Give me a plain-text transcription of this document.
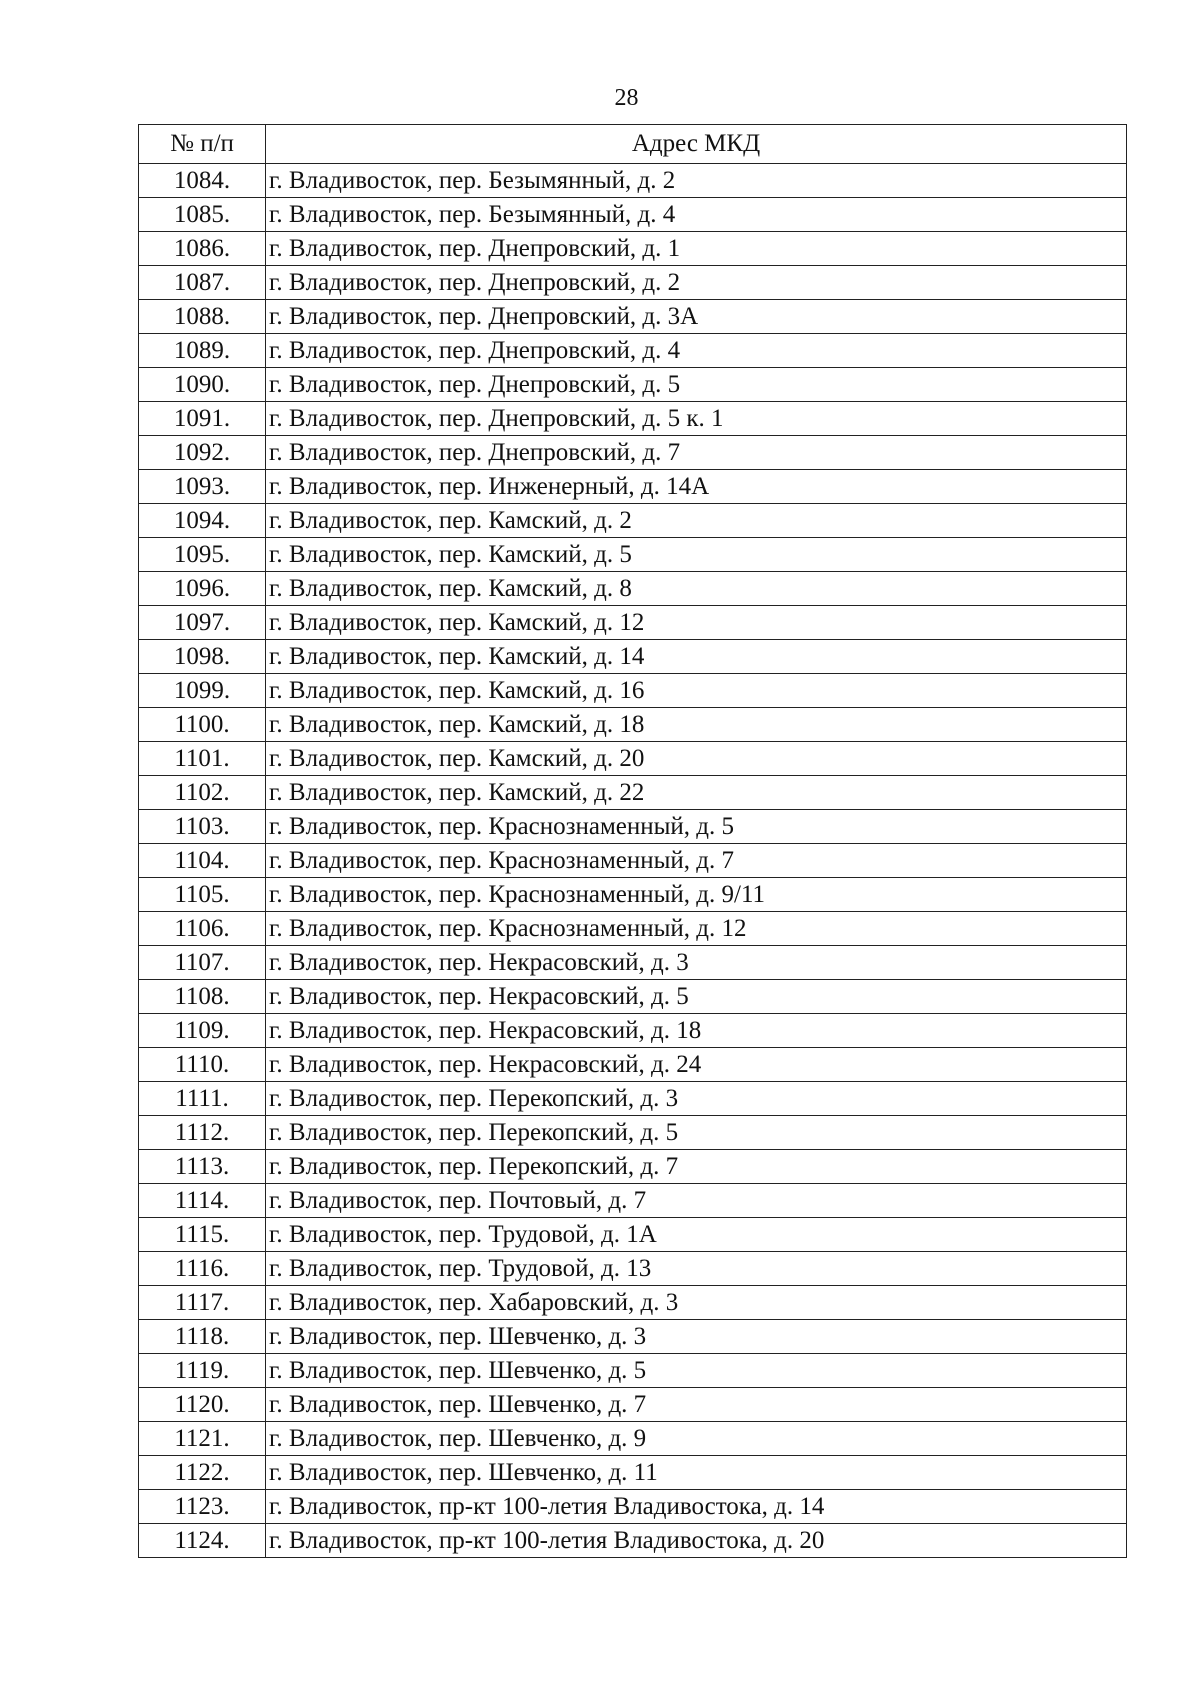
28
№ п/п	Адрес МКД
1084.	г. Владивосток, пер. Безымянный, д. 2
1085.	г. Владивосток, пер. Безымянный, д. 4
1086.	г. Владивосток, пер. Днепровский, д. 1
1087.	г. Владивосток, пер. Днепровский, д. 2
1088.	г. Владивосток, пер. Днепровский, д. 3А
1089.	г. Владивосток, пер. Днепровский, д. 4
1090.	г. Владивосток, пер. Днепровский, д. 5
1091.	г. Владивосток, пер. Днепровский, д. 5 к. 1
1092.	г. Владивосток, пер. Днепровский, д. 7
1093.	г. Владивосток, пер. Инженерный, д. 14А
1094.	г. Владивосток, пер. Камский, д. 2
1095.	г. Владивосток, пер. Камский, д. 5
1096.	г. Владивосток, пер. Камский, д. 8
1097.	г. Владивосток, пер. Камский, д. 12
1098.	г. Владивосток, пер. Камский, д. 14
1099.	г. Владивосток, пер. Камский, д. 16
1100.	г. Владивосток, пер. Камский, д. 18
1101.	г. Владивосток, пер. Камский, д. 20
1102.	г. Владивосток, пер. Камский, д. 22
1103.	г. Владивосток, пер. Краснознаменный, д. 5
1104.	г. Владивосток, пер. Краснознаменный, д. 7
1105.	г. Владивосток, пер. Краснознаменный, д. 9/11
1106.	г. Владивосток, пер. Краснознаменный, д. 12
1107.	г. Владивосток, пер. Некрасовский, д. 3
1108.	г. Владивосток, пер. Некрасовский, д. 5
1109.	г. Владивосток, пер. Некрасовский, д. 18
1110.	г. Владивосток, пер. Некрасовский, д. 24
1111.	г. Владивосток, пер. Перекопский, д. 3
1112.	г. Владивосток, пер. Перекопский, д. 5
1113.	г. Владивосток, пер. Перекопский, д. 7
1114.	г. Владивосток, пер. Почтовый, д. 7
1115.	г. Владивосток, пер. Трудовой, д. 1А
1116.	г. Владивосток, пер. Трудовой, д. 13
1117.	г. Владивосток, пер. Хабаровский, д. 3
1118.	г. Владивосток, пер. Шевченко, д. 3
1119.	г. Владивосток, пер. Шевченко, д. 5
1120.	г. Владивосток, пер. Шевченко, д. 7
1121.	г. Владивосток, пер. Шевченко, д. 9
1122.	г. Владивосток, пер. Шевченко, д. 11
1123.	г. Владивосток, пр-кт 100-летия Владивостока, д. 14
1124.	г. Владивосток, пр-кт 100-летия Владивостока, д. 20
